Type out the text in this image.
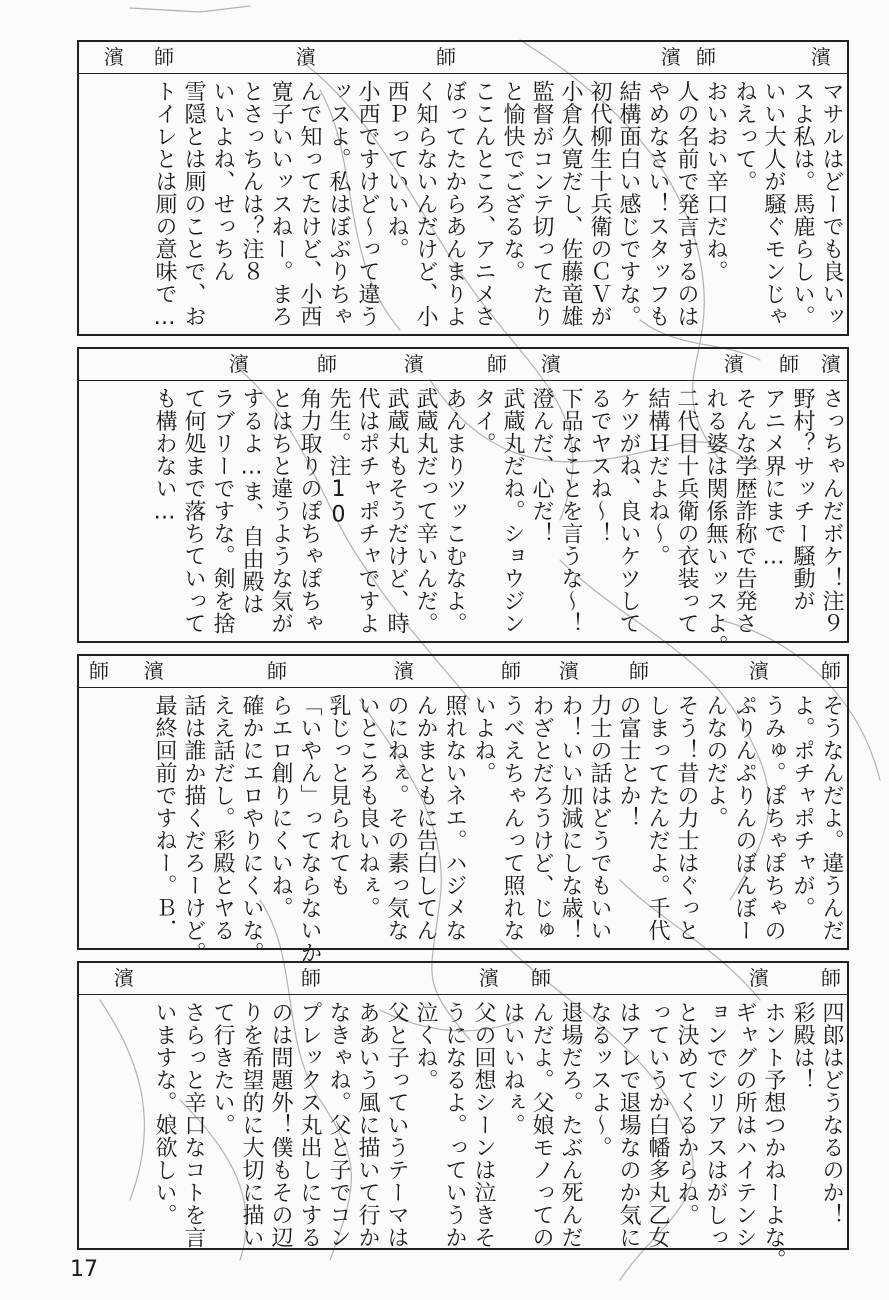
濱
師
濱
師
濱
師
濱
マサルはどーでも良いッ
スよ私は。馬鹿らしい。
いい大人が騒ぐモンじゃ
ねえって。
おいおい辛口だね。
人の名前で発言するのは
やめなさい！スタッフも
結構面白い感じですな。
初代柳生十兵衛のＣＶが
小倉久寛だし、佐藤竜雄
監督がコンテ切ってたり
と愉快でござるな。
ここんところ、アニメさ
ぼってたからあんまりよ
く知らないんだけど、小
西Ｐっていいね。
小西ですけど〜って違う
ッスよ。私はぼぶりちゃ
んで知ってたけど、小西
寛子いいッスねー。まろ
とさっちんは？注８
いいよね、せっちん
雪隠とは厠のことで、お
トイレとは厠の意味で…
濱
師
濱
濱
師
濱
師
濱
さっちゃんだボケ！注９
野村？サッチー騒動が
アニメ界にまで…
そんな学歴詐称で告発さ
れる婆は関係無いッスよ。
二代目十兵衛の衣装って
結構Ｈだよね〜。
ケツがね、良いケツして
るでヤスね〜！
下品なことを言うな〜！
澄んだ、心だ！
武蔵丸だね。ショウジン
タイ。
あんまりツッこむなよ。
武蔵丸だって辛いんだ。
武蔵丸もそうだけど、時
代はポチャポチャですよ
先生。注10
角力取りのぽちゃぽちゃ
とはちと違うような気が
するよ…ま、自由殿は
ラブリーですな。剣を捨
て何処まで落ちていって
も構わない…
師
濱
師
濱
師
濱
師
濱
師
そうなんだよ。違うんだ
よ。ポチャポチャが。
うみゅ。ぽちゃぽちゃの
ぷりんぷりんのぼんぼー
んなのだよ。
そう！昔の力士はぐっと
しまってたんだよ。千代
の富士とか！
力士の話はどうでもいい
わ！いい加減にしな歳！
わざとだろうけど、じゅ
うべえちゃんって照れな
いよね。
照れないネエ。ハジメな
んかまともに告白してん
のにねぇ。その素っ気な
いところも良いねぇ。
乳じっと見られても
「いやん」ってならないか
らエロ創りにくいね。
確かにエロやりにくいな。
ええ話だし。彩殿とヤる
話は誰か描くだろーけど。
最終回前ですねー。Ｂ．
濱	師
濱 師
濱	師
四郎はどうなるのか！
彩殿は！
ホント予想つかねーよな。
ギャグの所はハイテンシ
ョンでシリアスはがしっ
と決めてくるからね。
っていうか白幡多丸乙女
はアレで退場なのか気に
なるッスよ〜。
退場だろ。たぶん死んだ
んだよ。父娘モノっての
はいいねぇ。
父の回想シーンは泣きそ
うになるよ。っていうか
泣くね。
父と子っていうテーマは
ああいう風に描いて行か
なきゃね。父と子でコン
プレックス丸出しにする
のは問題外！僕もその辺
りを希望的に大切に描い
て行きたい。
さらっと辛口なコトを言
いますな。娘欲しい。
17
